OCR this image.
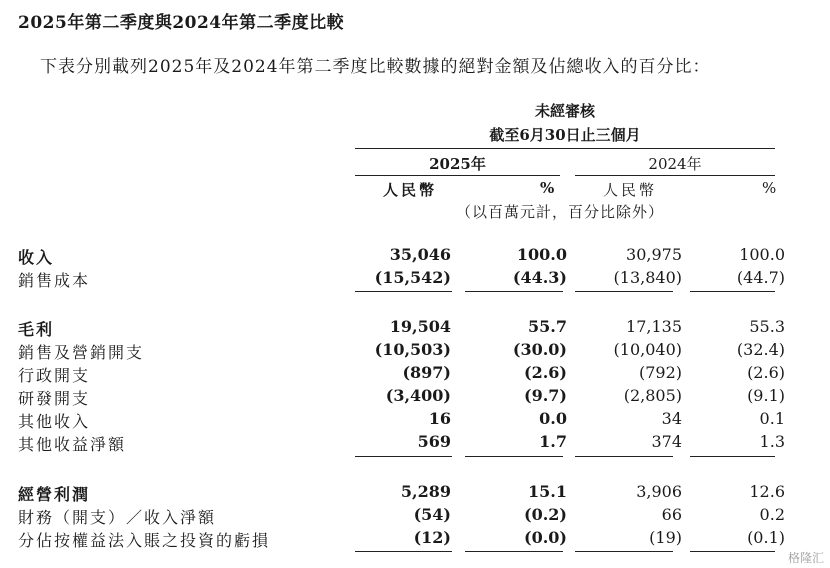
2025年第二季度與2024年第二季度比較
下表分別載列2025年及2024年第二季度比較數據的絕對金額及佔總收入的百分比：
未經審核
截至6月30日止三個月
2025年	2024年
人民幣	%	人民幣	%
（以百萬元計，百分比除外）
收入	35,046	100.0	30,975	100.0
銷售成本	(15,542)	(44.3)	(13,840)	(44.7)
毛利	19,504	55.7	17,135	55.3
銷售及營銷開支	(10,503)	(30.0)	(10,040)	(32.4)
行政開支	(897)	(2.6)	(792)	(2.6)
研發開支	(3,400)	(9.7)	(2,805)	(9.1)
其他收入	16	0.0	34	0.1
其他收益淨額	569	1.7	374	1.3
經營利潤	5,289	15.1	3,906	12.6
財務（開支）／收入淨額	(54)	(0.2)	66	0.2
分佔按權益法入賬之投資的虧損	(12)	(0.0)	(19)	(0.1)
格隆汇
